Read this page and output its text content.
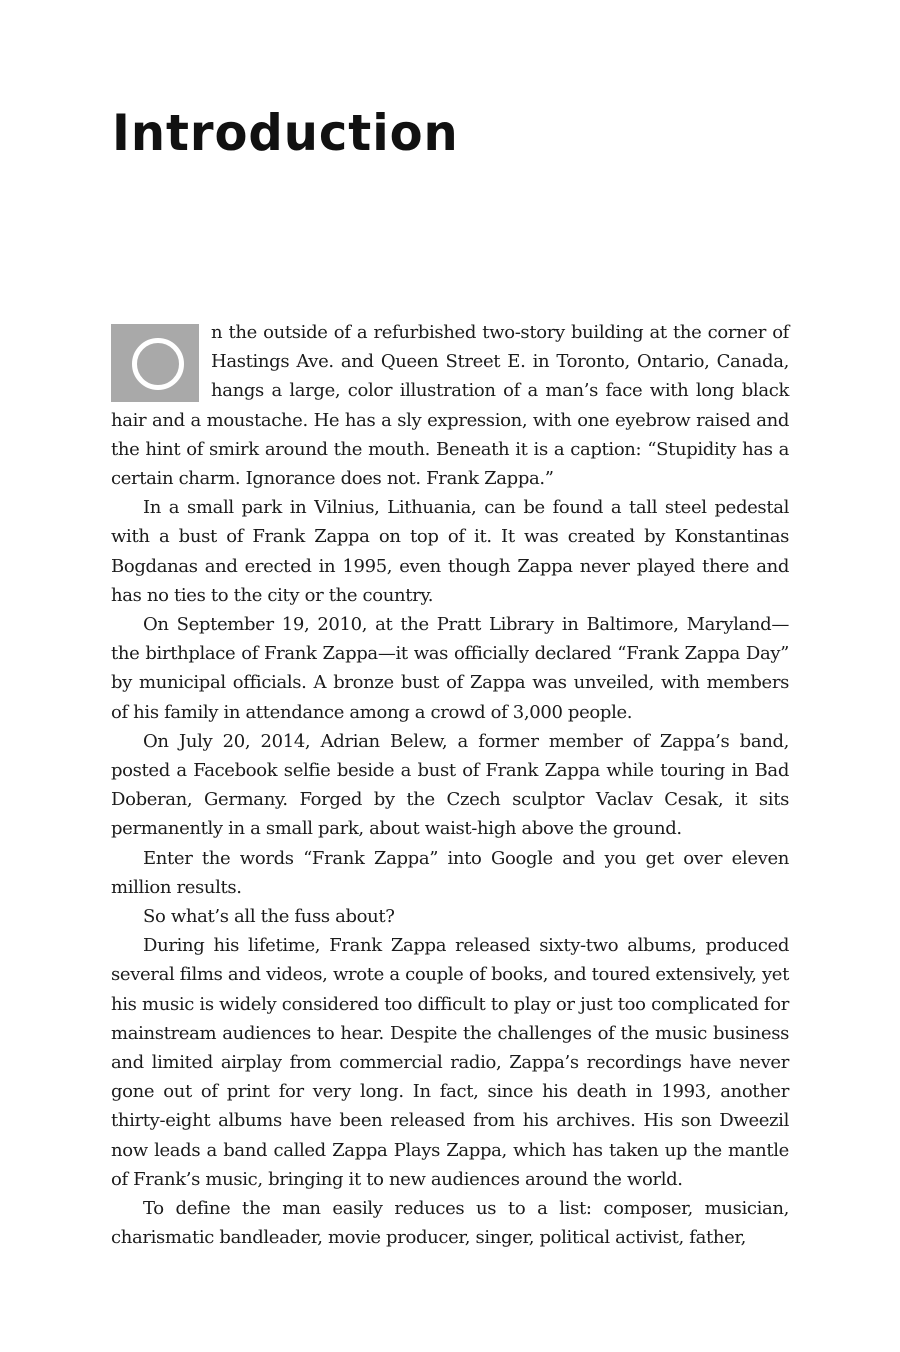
Introduction

n the outside of a refurbished two-story building at the corner of Hastings Ave. and Queen Street E. in Toronto, Ontario, Canada, hangs a large, color illustration of a man’s face with long black hair and a moustache. He has a sly expression, with one eyebrow raised and the hint of smirk around the mouth. Beneath it is a caption: “Stupidity has a certain charm. Ignorance does not. Frank Zappa.”

In a small park in Vilnius, Lithuania, can be found a tall steel pedestal with a bust of Frank Zappa on top of it. It was created by Konstantinas Bogdanas and erected in 1995, even though Zappa never played there and has no ties to the city or the country.

On September 19, 2010, at the Pratt Library in Baltimore, Maryland—the birthplace of Frank Zappa—it was officially declared “Frank Zappa Day” by municipal officials. A bronze bust of Zappa was unveiled, with members of his family in attendance among a crowd of 3,000 people.

On July 20, 2014, Adrian Belew, a former member of Zappa’s band, posted a Facebook selfie beside a bust of Frank Zappa while touring in Bad Doberan, Germany. Forged by the Czech sculptor Vaclav Cesak, it sits permanently in a small park, about waist-high above the ground.

Enter the words “Frank Zappa” into Google and you get over eleven million results.

So what’s all the fuss about?

During his lifetime, Frank Zappa released sixty-two albums, produced several films and videos, wrote a couple of books, and toured extensively, yet his music is widely considered too difficult to play or just too complicated for mainstream audiences to hear. Despite the challenges of the music business and limited airplay from commercial radio, Zappa’s recordings have never gone out of print for very long. In fact, since his death in 1993, another thirty-eight albums have been released from his archives. His son Dweezil now leads a band called Zappa Plays Zappa, which has taken up the mantle of Frank’s music, bringing it to new audiences around the world.

To define the man easily reduces us to a list: composer, musician, charismatic bandleader, movie producer, singer, political activist, father,
